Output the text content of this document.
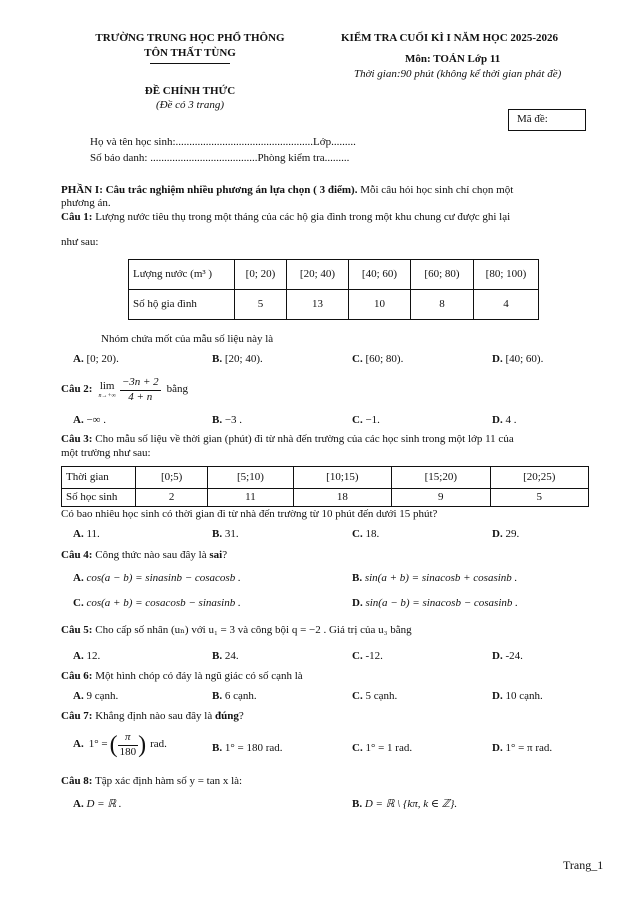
TRƯỜNG TRUNG HỌC PHỔ THÔNG
TÔN THẤT TÙNG
KIỂM TRA CUỐI KÌ I NĂM HỌC 2025-2026
Môn: TOÁN Lớp 11
Thời gian:90 phút (không kể thời gian phát đề)
ĐỀ CHÍNH THỨC
(Đề có 3 trang)
Mã đề:
Họ và tên học sinh:..................................................Lớp.........
Số báo danh: .......................................Phòng kiểm tra.........
PHẦN I: Câu trắc nghiệm nhiều phương án lựa chọn ( 3 điểm). Mỗi câu hỏi học sinh chỉ chọn một
phương án.
Câu 1: Lượng nước tiêu thụ trong một tháng của các hộ gia đình trong một khu chung cư được ghi lại
như sau:
Lượng nước (m³ )	[0; 20)	[20; 40)	[40; 60)	[60; 80)	[80; 100)
Số hộ gia đình	5	13	10	8	4
Nhóm chứa mốt của mẫu số liệu này là
A. [0; 20).	B. [20; 40).	C. [60; 80).	D. [40; 60).
Câu 2: lim
$n\to+\infty \frac{-3n + 2}{4 + n}$ bằng
A. −∞ .	B. −3 .	C. −1.	D. 4 .
Câu 3: Cho mẫu số liệu về thời gian (phút) đi từ nhà đến trường của các học sinh trong một lớp 11 của
một trường như sau:
Thời gian	[0;5)	[5;10)	[10;15)	[15;20)	[20;25)
Số học sinh	2	11	18	9	5
Có bao nhiêu học sinh có thời gian đi từ nhà đến trường từ 10 phút đến dưới 15 phút?
A. 11.	B. 31.	C. 18.	D. 29.
Câu 4: Công thức nào sau đây là sai?
A. cos(a − b) = sinasinb − cosacosb .	B. sin(a + b) = sinacosb + cosasinb .
C. cos(a + b) = cosacosb − sinasinb .	D. sin(a − b) = sinacosb − cosasinb .
Câu 5: Cho cấp số nhân (uₙ) với u₁ = 3 và công bội q = −2 . Giá trị của u₃ bằng
A. 12.	B. 24.	C. -12.	D. -24.
Câu 6: Một hình chóp có đáy là ngũ giác có số cạnh là
A. 9 cạnh.	B. 6 cạnh.	C. 5 cạnh.	D. 10 cạnh.
Câu 7: Khẳng định nào sau đây là đúng?
A. 1° = ( $\frac{\pi}{180}$ ) rad.	B. 1° = 180 rad.	C. 1° = 1 rad.	D. 1° = π rad.
Câu 8: Tập xác định hàm số y = tan x là:
A. D = ℝ .	B. D = ℝ \ {kπ, k ∈ ℤ}.
Trang_1
